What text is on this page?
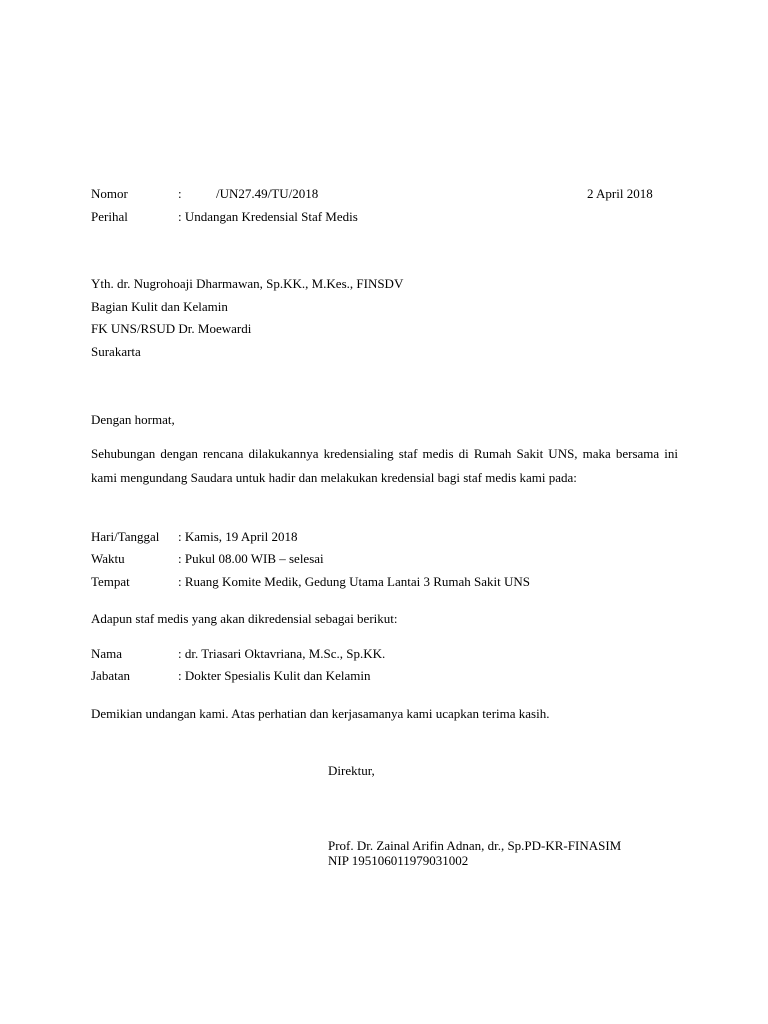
Nomor	:	/UN27.49/TU/2018	2 April 2018
Perihal	: Undangan Kredensial Staf Medis
Yth. dr. Nugrohoaji Dharmawan, Sp.KK., M.Kes., FINSDV
Bagian Kulit dan Kelamin
FK UNS/RSUD Dr. Moewardi
Surakarta
Dengan hormat,
Sehubungan dengan rencana dilakukannya kredensialing staf medis di Rumah Sakit UNS, maka bersama ini kami mengundang Saudara untuk hadir dan melakukan kredensial bagi staf medis kami pada:
Hari/Tanggal : Kamis, 19 April 2018
Waktu	: Pukul 08.00 WIB – selesai
Tempat	: Ruang Komite Medik, Gedung Utama Lantai 3 Rumah Sakit UNS
Adapun staf medis yang akan dikredensial sebagai berikut:
Nama	: dr. Triasari Oktavriana, M.Sc., Sp.KK.
Jabatan	: Dokter Spesialis Kulit dan Kelamin
Demikian undangan kami. Atas perhatian dan kerjasamanya kami ucapkan terima kasih.
Direktur,
Prof. Dr. Zainal Arifin Adnan, dr., Sp.PD-KR-FINASIM
NIP 195106011979031002
